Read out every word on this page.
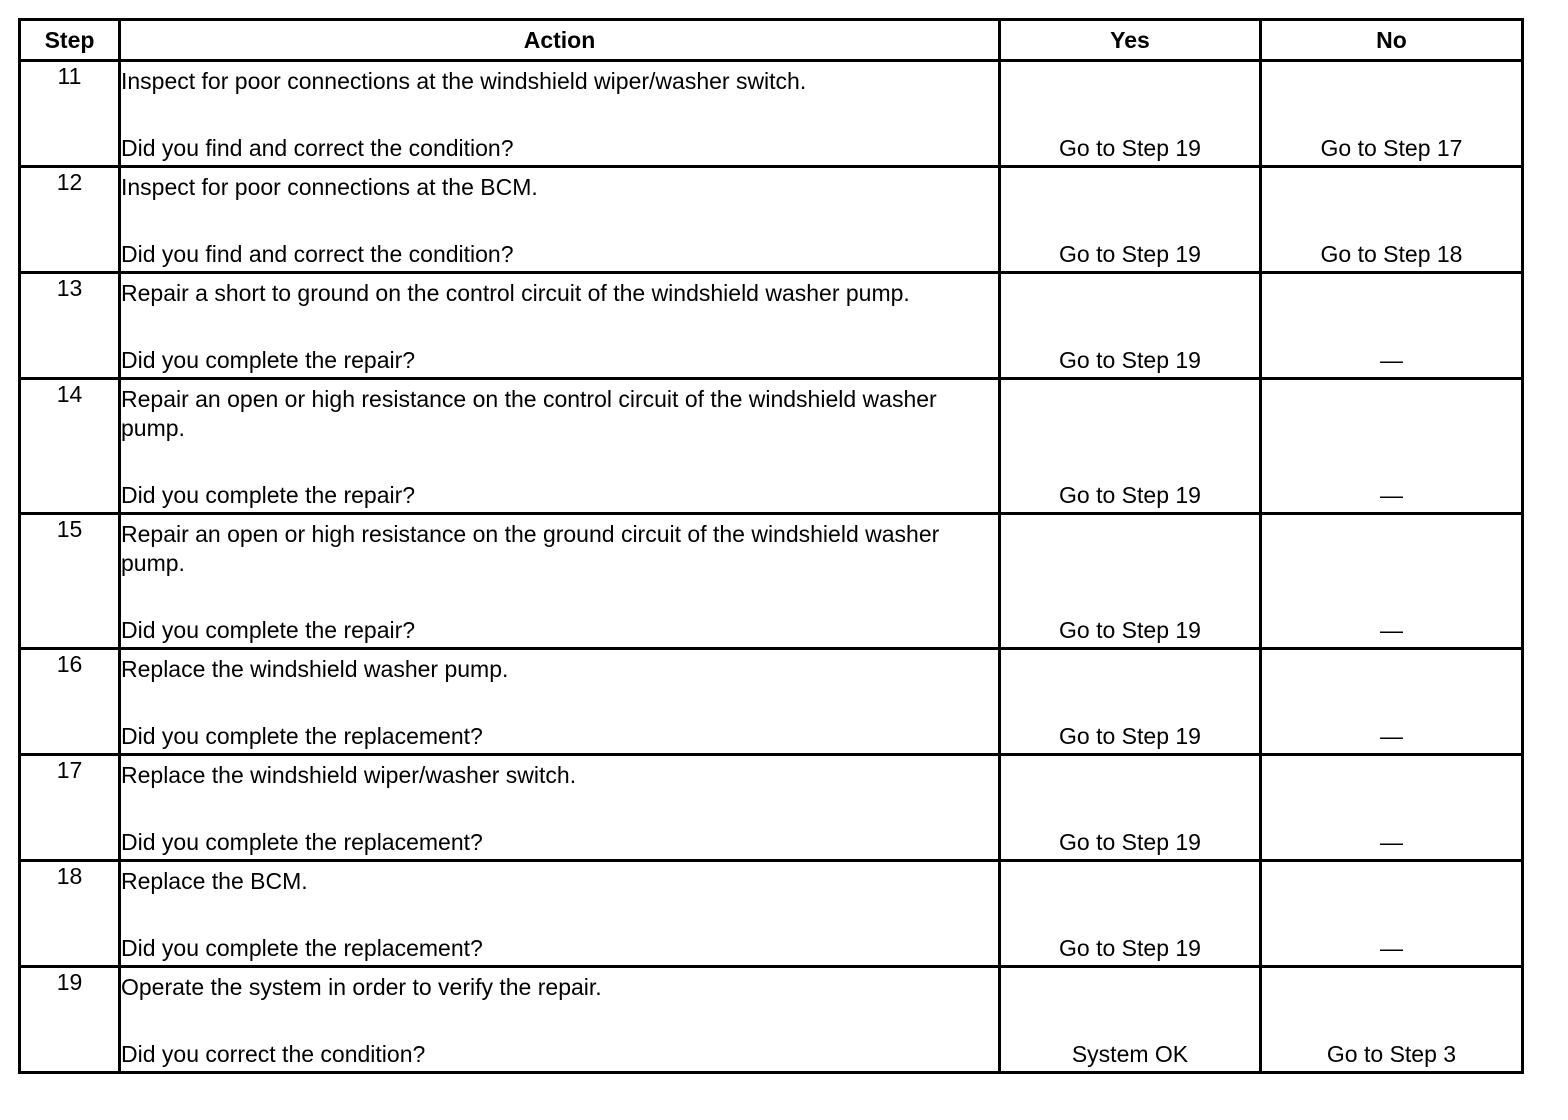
Step	Action	Yes	No
11	Inspect for poor connections at the windshield wiper/washer switch.
Did you find and correct the condition?	Go to Step 19	Go to Step 17

12	Inspect for poor connections at the BCM.
Did you find and correct the condition?	Go to Step 19	Go to Step 18

13	Repair a short to ground on the control circuit of the windshield washer pump.
Did you complete the repair?	Go to Step 19	—

14	Repair an open or high resistance on the control circuit of the windshield washer pump.
Did you complete the repair?	Go to Step 19	—

15	Repair an open or high resistance on the ground circuit of the windshield washer pump.
Did you complete the repair?	Go to Step 19	—

16	Replace the windshield washer pump.
Did you complete the replacement?	Go to Step 19	—

17	Replace the windshield wiper/washer switch.
Did you complete the replacement?	Go to Step 19	—

18	Replace the BCM.
Did you complete the replacement?	Go to Step 19	—

19	Operate the system in order to verify the repair.
Did you correct the condition?	System OK	Go to Step 3
